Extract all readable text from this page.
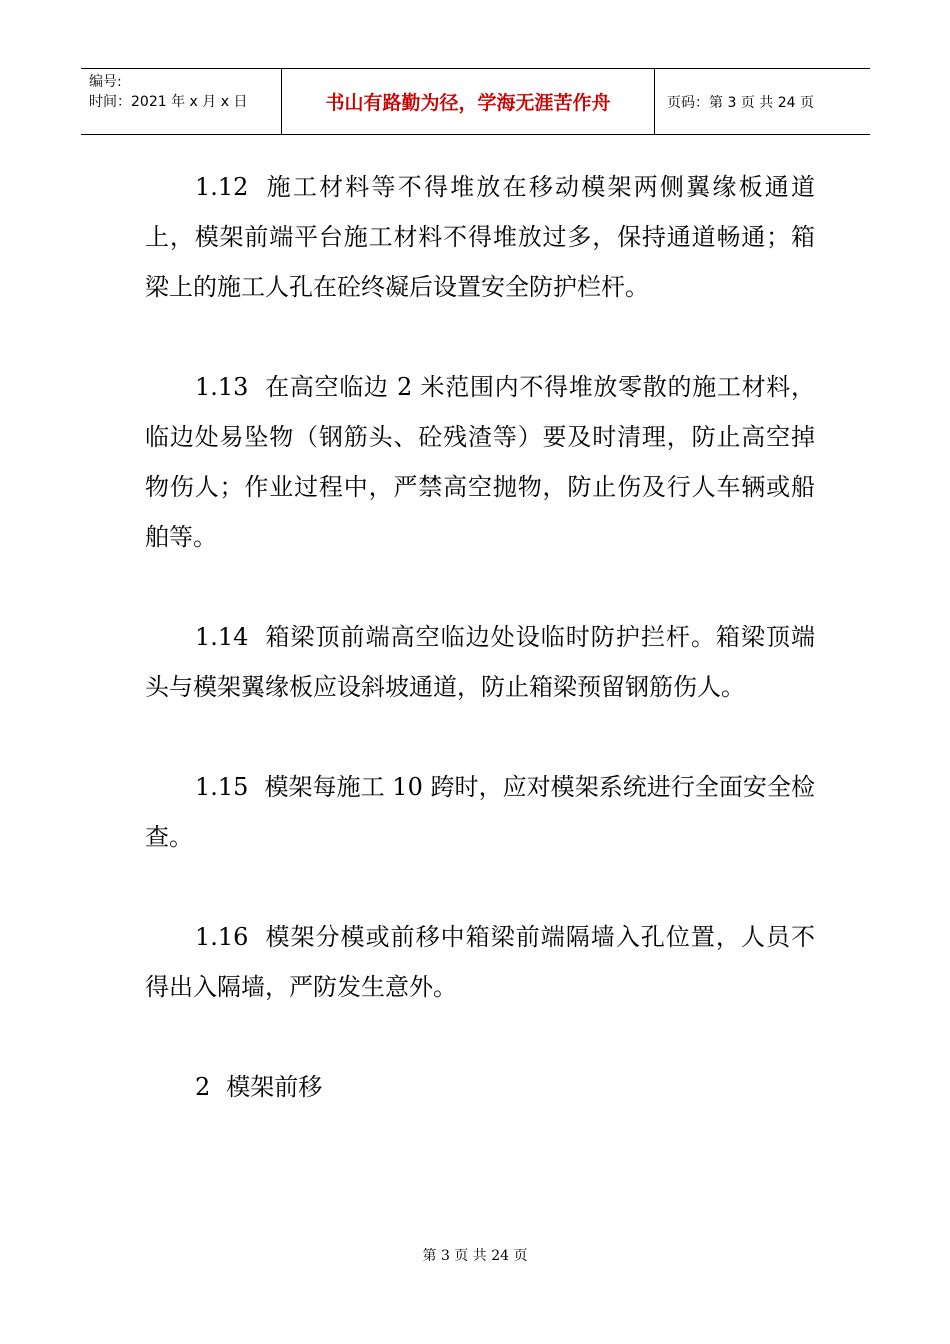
编号:
时间：2021 年 x 月 x 日	书山有路勤为径，学海无涯苦作舟	页码：第 3 页 共 24 页

1.12 施工材料等不得堆放在移动模架两侧翼缘板通道上，模架前端平台施工材料不得堆放过多，保持通道畅通；箱梁上的施工人孔在砼终凝后设置安全防护栏杆。

1.13 在高空临边 2 米范围内不得堆放零散的施工材料，临边处易坠物（钢筋头、砼残渣等）要及时清理，防止高空掉物伤人；作业过程中，严禁高空抛物，防止伤及行人车辆或船舶等。

1.14 箱梁顶前端高空临边处设临时防护拦杆。箱梁顶端头与模架翼缘板应设斜坡通道，防止箱梁预留钢筋伤人。

1.15 模架每施工 10 跨时，应对模架系统进行全面安全检查。

1.16 模架分模或前移中箱梁前端隔墙入孔位置，人员不得出入隔墙，严防发生意外。

2 模架前移

第 3 页 共 24 页
